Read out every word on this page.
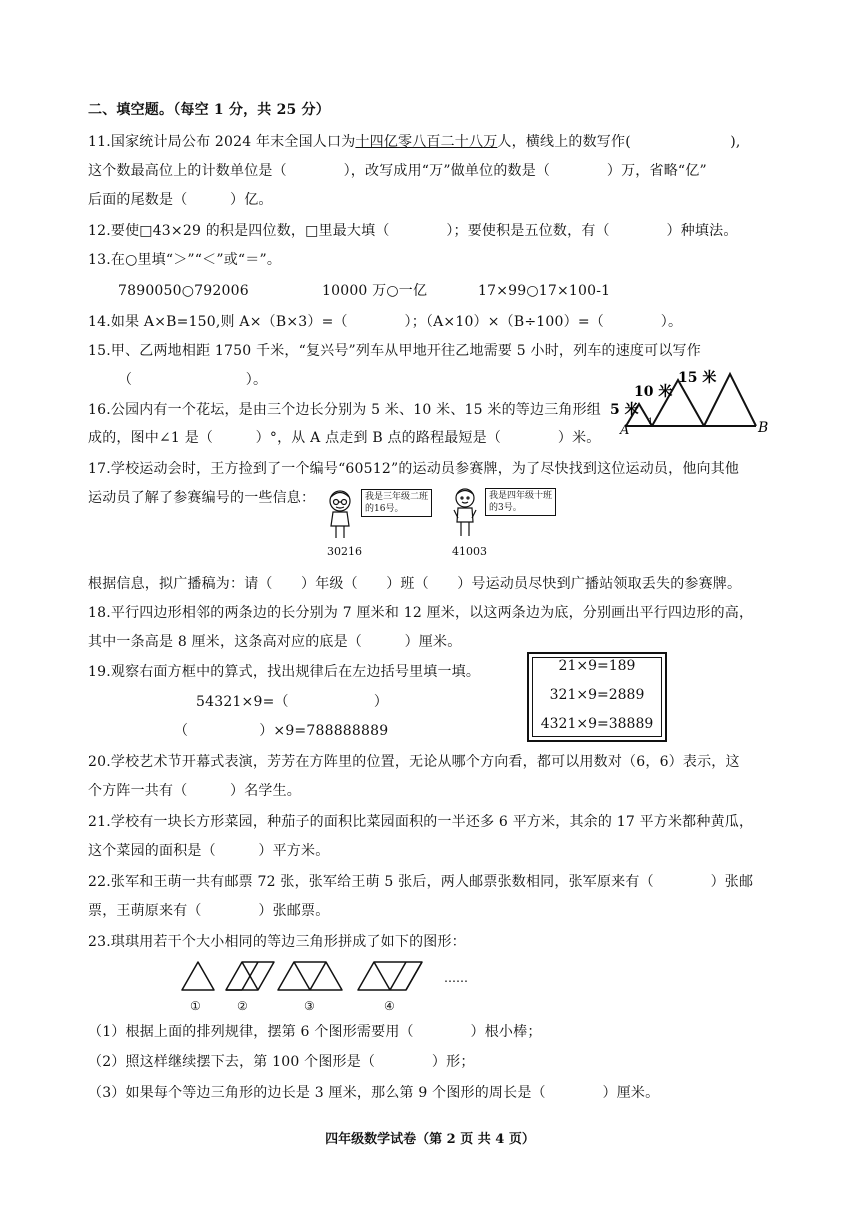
二、填空题。（每空 1 分，共 25 分）
11.国家统计局公布 2024 年末全国人口为十四亿零八百二十八万人，横线上的数写作(　　　　　　　),
这个数最高位上的计数单位是（　　　　），改写成用“万”做单位的数是（　　　　）万，省略“亿”
后面的尾数是（　　　）亿。
12.要使□43×29 的积是四位数，□里最大填（　　　　）；要使积是五位数，有（　　　　）种填法。
13.在○里填“＞”“＜”或“＝”。
7890050○792006	10000 万○一亿	17×99○17×100-1
14.如果 A×B=150,则 A×（B×3）=（　　　　）；（A×10）×（B÷100）=（　　　　）。
15.甲、乙两地相距 1750 千米，“复兴号”列车从甲地开往乙地需要 5 小时，列车的速度可以写作
（　　　　　　　　）。
16.公园内有一个花坛，是由三个边长分别为 5 米、10 米、15 米的等边三角形组
成的，图中∠1 是（　　　）°，从 A 点走到 B 点的路程最短是（　　　　）米。
5 米
10 米
15 米
A	B
1
17.学校运动会时，王方捡到了一个编号“60512”的运动员参赛牌，为了尽快找到这位运动员，他向其他
运动员了解了参赛编号的一些信息：	我是三年级二班
的16号。
30216
我是四年级十班
的3号。
41003
根据信息，拟广播稿为：请（　　）年级（　　）班（　　）号运动员尽快到广播站领取丢失的参赛牌。
18.平行四边形相邻的两条边的长分别为 7 厘米和 12 厘米，以这两条边为底，分别画出平行四边形的高，
其中一条高是 8 厘米，这条高对应的底是（　　　）厘米。
19.观察右面方框中的算式，找出规律后在左边括号里填一填。
54321×9=（　　　　　　）
（　　　　　）×9=788888889
21×9=189
321×9=2889
4321×9=38889
20.学校艺术节开幕式表演，芳芳在方阵里的位置，无论从哪个方向看，都可以用数对（6，6）表示，这
个方阵一共有（　　　）名学生。
21.学校有一块长方形菜园，种茄子的面积比菜园面积的一半还多 6 平方米，其余的 17 平方米都种黄瓜，
这个菜园的面积是（　　　）平方米。
22.张军和王萌一共有邮票 72 张，张军给王萌 5 张后，两人邮票张数相同，张军原来有（　　　　）张邮
票，王萌原来有（　　　　）张邮票。
23.琪琪用若干个大小相同的等边三角形拼成了如下的图形：
……
①	②	③	④
（1）根据上面的排列规律，摆第 6 个图形需要用（　　　　）根小棒；
（2）照这样继续摆下去，第 100 个图形是（　　　　）形；
（3）如果每个等边三角形的边长是 3 厘米，那么第 9 个图形的周长是（　　　　）厘米。
四年级数学试卷（第 2 页 共 4 页）
